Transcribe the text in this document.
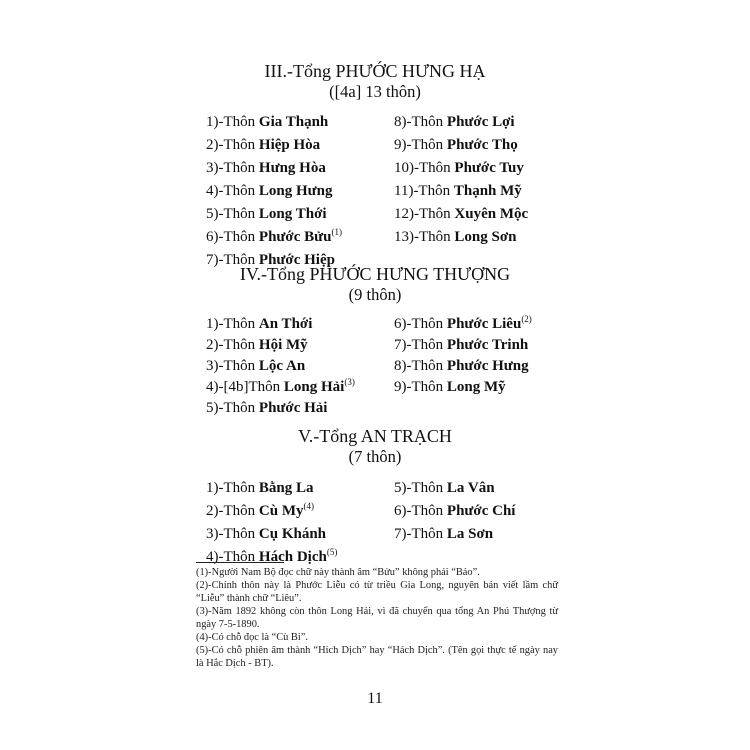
III.-Tổng PHƯỚC HƯNG HẠ
([4a] 13 thôn)
1)-Thôn Gia Thạnh
2)-Thôn Hiệp Hòa
3)-Thôn Hưng Hòa
4)-Thôn Long Hưng
5)-Thôn Long Thới
6)-Thôn Phước Bửu$^{(1)}$
7)-Thôn Phước Hiệp
8)-Thôn Phước Lợi
9)-Thôn Phước Thọ
10)-Thôn Phước Tuy
11)-Thôn Thạnh Mỹ
12)-Thôn Xuyên Mộc
13)-Thôn Long Sơn
IV.-Tổng PHƯỚC HƯNG THƯỢNG
(9 thôn)
1)-Thôn An Thới
2)-Thôn Hội Mỹ
3)-Thôn Lộc An
4)-[4b]Thôn Long Hải$^{(3)}$
5)-Thôn Phước Hải
6)-Thôn Phước Liêu$^{(2)}$
7)-Thôn Phước Trinh
8)-Thôn Phước Hưng
9)-Thôn Long Mỹ
V.-Tổng AN TRẠCH
(7 thôn)
1)-Thôn Bằng La
2)-Thôn Cù My$^{(4)}$
3)-Thôn Cụ Khánh
4)-Thôn Hách Dịch$^{(5)}$
5)-Thôn La Vân
6)-Thôn Phước Chí
7)-Thôn La Sơn
(1)-Người Nam Bộ đọc chữ này thành âm “Bửu” không phải “Bảo”.
(2)-Chính thôn này là Phước Liễu có từ triều Gia Long, nguyên bản viết lầm chữ “Liễu” thành chữ “Liêu”.
(3)-Năm 1892 không còn thôn Long Hải, vì đã chuyển qua tổng An Phú Thượng từ ngày 7-5-1890.
(4)-Có chỗ đọc là “Cù Bi”.
(5)-Có chỗ phiên âm thành “Hích Dịch” hay “Hách Dịch”. (Tên gọi thực tế ngày nay là Hắc Dịch - BT).
11
